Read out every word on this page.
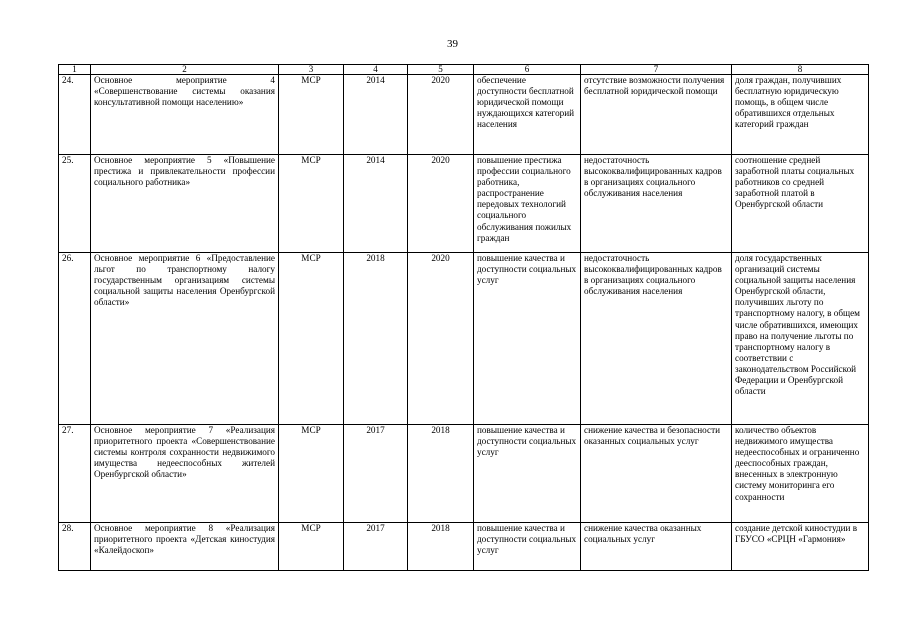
39
1	2	3	4	5	6	7	8
24.	Основное мероприятие 4 «Совершенствование системы оказания консультативной помощи населению»	МСР	2014	2020	обеспечение доступности бесплатной юридической помощи нуждающихся категорий населения	отсутствие возможности получения бесплатной юридической помощи	доля граждан, получивших бесплатную юридическую помощь, в общем числе обратившихся отдельных категорий граждан
25.	Основное мероприятие 5 «Повышение престижа и привлекательности профессии социального работника»	МСР	2014	2020	повышение престижа профессии социального работника, распространение передовых технологий социального обслуживания пожилых граждан	недостаточность высококвалифицированных кадров в организациях социального обслуживания населения	соотношение средней заработной платы социальных работников со средней заработной платой в Оренбургской области
26.	Основное мероприятие 6 «Предоставление льгот по транспортному налогу государственным организациям системы социальной защиты населения Оренбургской области»	МСР	2018	2020	повышение качества и доступности социальных услуг	недостаточность высококвалифицированных кадров в организациях социального обслуживания населения	доля государственных организаций системы социальной защиты населения Оренбургской области, получивших льготу по транспортному налогу, в общем числе обратившихся, имеющих право на получение льготы по транспортному налогу в соответствии с законодательством Российской Федерации и Оренбургской области
27.	Основное мероприятие 7 «Реализация приоритетного проекта «Совершенствование системы контроля сохранности недвижимого имущества недееспособных жителей Оренбургской области»	МСР	2017	2018	повышение качества и доступности социальных услуг	снижение качества и безопасности оказанных социальных услуг	количество объектов недвижимого имущества недееспособных и ограниченно дееспособных граждан, внесенных в электронную систему мониторинга его сохранности
28.	Основное мероприятие 8 «Реализация приоритетного проекта «Детская киностудия «Калейдоскоп»	МСР	2017	2018	повышение качества и доступности социальных услуг	снижение качества оказанных социальных услуг	создание детской киностудии в ГБУСО «СРЦН «Гармония»
